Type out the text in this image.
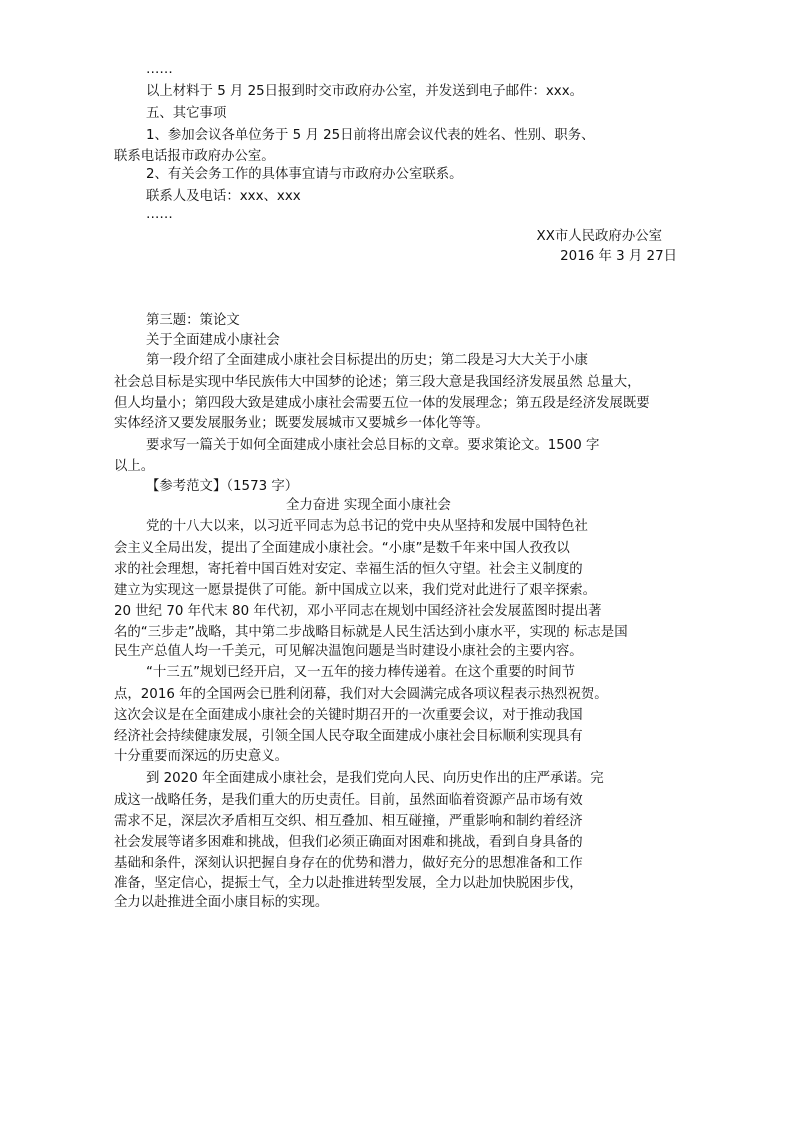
……
以上材料于 5 月 25日报到时交市政府办公室，并发送到电子邮件：xxx。
五、其它事项
1、参加会议各单位务于 5 月 25日前将出席会议代表的姓名、性别、职务、
联系电话报市政府办公室。
2、有关会务工作的具体事宜请与市政府办公室联系。
联系人及电话：xxx、xxx
……
XX市人民政府办公室
2016 年 3 月 27日
第三题：策论文
关于全面建成小康社会
第一段介绍了全面建成小康社会目标提出的历史；第二段是习大大关于小康
社会总目标是实现中华民族伟大中国梦的论述；第三段大意是我国经济发展虽然 总量大，
但人均量小；第四段大致是建成小康社会需要五位一体的发展理念；第五段是经济发展既要
实体经济又要发展服务业；既要发展城市又要城乡一体化等等。
要求写一篇关于如何全面建成小康社会总目标的文章。要求策论文。1500 字
以上。
【参考范文】（1573 字）
全力奋进 实现全面小康社会
党的十八大以来，以习近平同志为总书记的党中央从坚持和发展中国特色社
会主义全局出发，提出了全面建成小康社会。“小康”是数千年来中国人孜孜以
求的社会理想，寄托着中国百姓对安定、幸福生活的恒久守望。社会主义制度的
建立为实现这一愿景提供了可能。新中国成立以来，我们党对此进行了艰辛探索。
20 世纪 70 年代末 80 年代初，邓小平同志在规划中国经济社会发展蓝图时提出著
名的“三步走”战略，其中第二步战略目标就是人民生活达到小康水平，实现的 标志是国
民生产总值人均一千美元，可见解决温饱问题是当时建设小康社会的主要内容。
“十三五”规划已经开启，又一五年的接力棒传递着。在这个重要的时间节
点，2016 年的全国两会已胜利闭幕，我们对大会圆满完成各项议程表示热烈祝贺。
这次会议是在全面建成小康社会的关键时期召开的一次重要会议，对于推动我国
经济社会持续健康发展，引领全国人民夺取全面建成小康社会目标顺利实现具有
十分重要而深远的历史意义。
到 2020 年全面建成小康社会，是我们党向人民、向历史作出的庄严承诺。完
成这一战略任务，是我们重大的历史责任。目前，虽然面临着资源产品市场有效
需求不足，深层次矛盾相互交织、相互叠加、相互碰撞，严重影响和制约着经济
社会发展等诸多困难和挑战，但我们必须正确面对困难和挑战，看到自身具备的
基础和条件，深刻认识把握自身存在的优势和潜力，做好充分的思想准备和工作
准备，坚定信心，提振士气，全力以赴推进转型发展，全力以赴加快脱困步伐，
全力以赴推进全面小康目标的实现。
